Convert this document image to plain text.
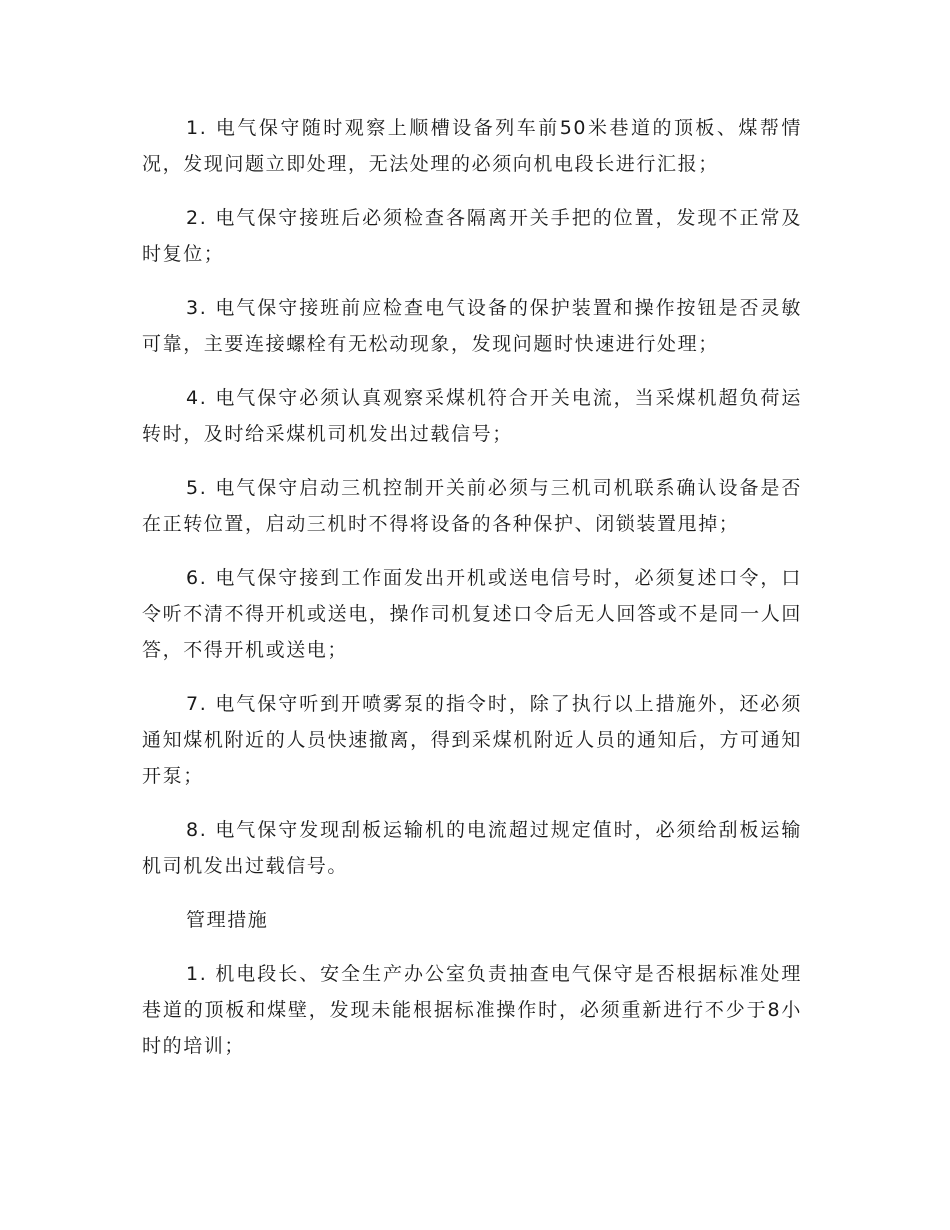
1. 电气保守随时观察上顺槽设备列车前50米巷道的顶板、煤帮情况，发现问题立即处理，无法处理的必须向机电段长进行汇报；

2. 电气保守接班后必须检查各隔离开关手把的位置，发现不正常及时复位；

3. 电气保守接班前应检查电气设备的保护装置和操作按钮是否灵敏可靠，主要连接螺栓有无松动现象，发现问题时快速进行处理；

4. 电气保守必须认真观察采煤机符合开关电流，当采煤机超负荷运转时，及时给采煤机司机发出过载信号；

5. 电气保守启动三机控制开关前必须与三机司机联系确认设备是否在正转位置，启动三机时不得将设备的各种保护、闭锁装置甩掉；

6. 电气保守接到工作面发出开机或送电信号时，必须复述口令，口令听不清不得开机或送电，操作司机复述口令后无人回答或不是同一人回答，不得开机或送电；

7. 电气保守听到开喷雾泵的指令时，除了执行以上措施外，还必须通知煤机附近的人员快速撤离，得到采煤机附近人员的通知后，方可通知开泵；

8. 电气保守发现刮板运输机的电流超过规定值时，必须给刮板运输机司机发出过载信号。

管理措施

1. 机电段长、安全生产办公室负责抽查电气保守是否根据标准处理巷道的顶板和煤壁，发现未能根据标准操作时，必须重新进行不少于8小时的培训；
